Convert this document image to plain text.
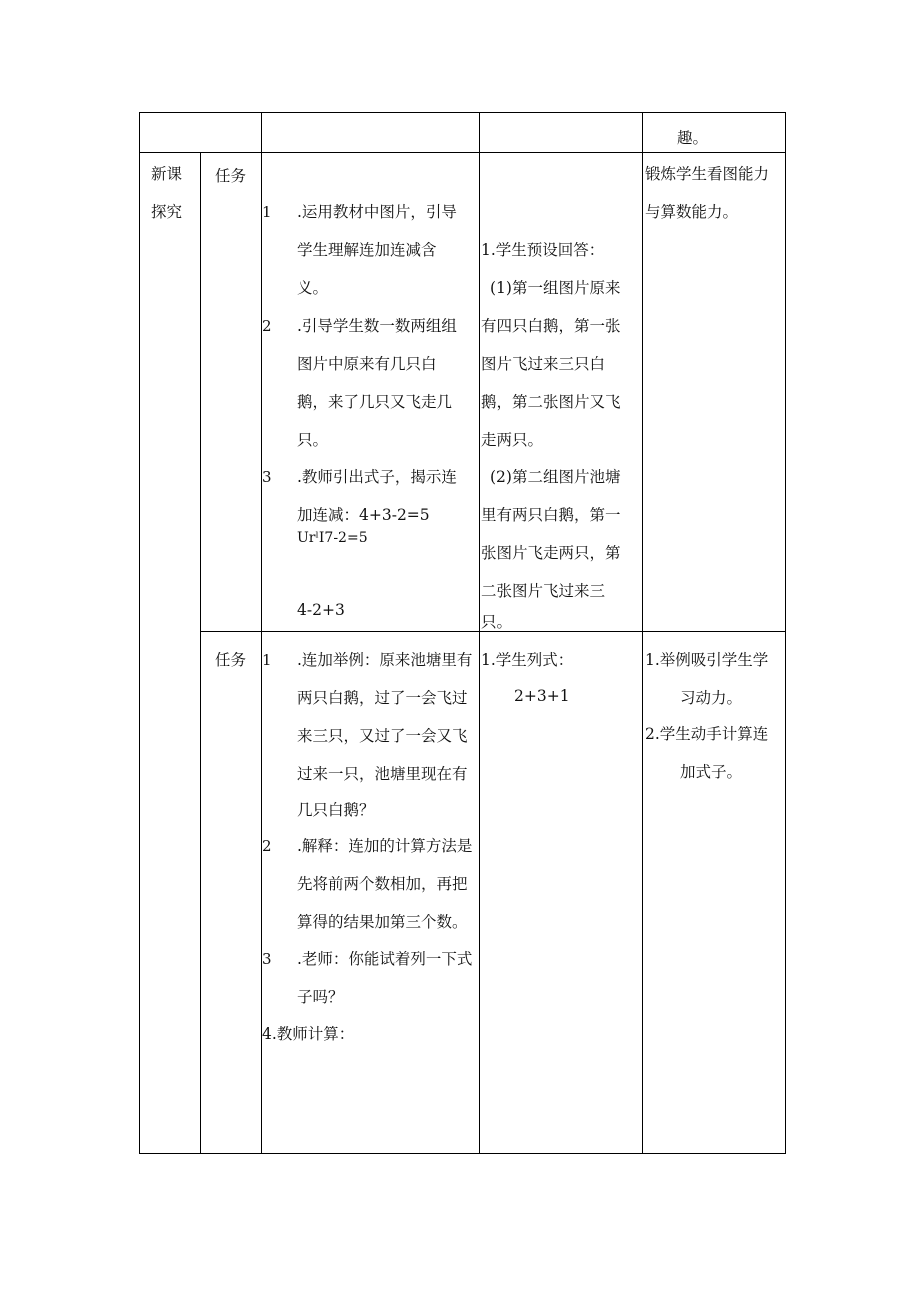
趣。
新课
探究
任务
1 .运用教材中图片，引导
学生理解连加连减含
义。
2 .引导学生数一数两组组
图片中原来有几只白
鹅，来了几只又飞走几
只。
3 .教师引出式子，揭示连
加连减：4+3-2=5
UrˡI7-2=5
4-2+3
1.学生预设回答：
(1)第一组图片原来
有四只白鹅，第一张
图片飞过来三只白
鹅，第二张图片又飞
走两只。
(2)第二组图片池塘
里有两只白鹅，第一
张图片飞走两只，第
二张图片飞过来三
只。
锻炼学生看图能力
与算数能力。
任务 1 .连加举例：原来池塘里有
两只白鹅，过了一会飞过
来三只，又过了一会又飞
过来一只，池塘里现在有
几只白鹅？
2 .解释：连加的计算方法是
先将前两个数相加，再把
算得的结果加第三个数。
3 .老师：你能试着列一下式
子吗？
4.教师计算：
1.学生列式：
2+3+1
1.举例吸引学生学
习动力。
2.学生动手计算连
加式子。
